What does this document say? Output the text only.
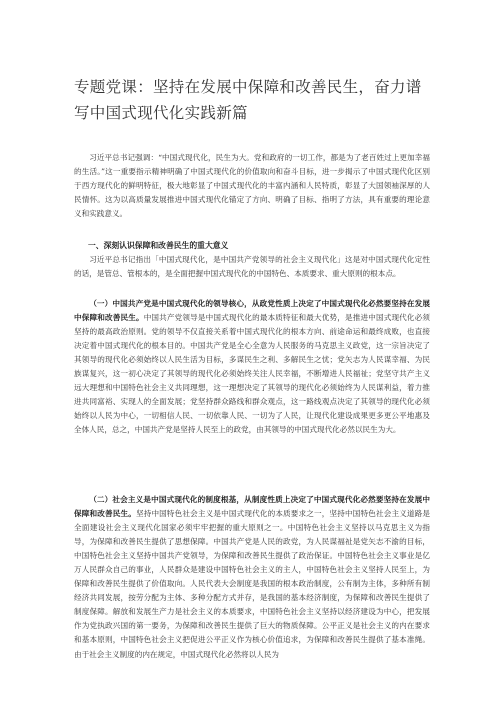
专题党课：坚持在发展中保障和改善民生，奋力谱写中国式现代化实践新篇

习近平总书记强调：“中国式现代化，民生为大。党和政府的一切工作，都是为了老百姓过上更加幸福的生活。”这一重要指示精神明确了中国式现代化的价值取向和奋斗目标，进一步揭示了中国式现代化区别于西方现代化的鲜明特征，极大地彰显了中国式现代化的丰富内涵和人民特质，彰显了大国领袖深厚的人民情怀。这为以高质量发展推进中国式现代化锚定了方向、明确了目标、指明了方法，具有重要的理论意义和实践意义。

一、深刻认识保障和改善民生的重大意义

习近平总书记指出「中国式现代化，是中国共产党领导的社会主义现代化」这是对中国式现代化定性的话，是管总、管根本的，是全面把握中国式现代化的中国特色、本质要求、重大原则的根本点。

（一）中国共产党是中国式现代化的领导核心，从政党性质上决定了中国式现代化必然要坚持在发展中保障和改善民生。中国共产党领导是中国式现代化的最本质特征和最大优势，是推进中国式现代化必须坚持的最高政治原则。党的领导不仅直接关系着中国式现代化的根本方向、前途命运和最终成败，也直接决定着中国式现代化的根本目的。中国共产党是全心全意为人民服务的马克思主义政党，这一宗旨决定了其领导的现代化必须始终以人民生活为目标，多谋民生之利、多解民生之忧；党矢志为人民谋幸福、为民族谋复兴，这一初心决定了其领导的现代化必须始终关注人民幸福，不断增进人民福祉；党坚守共产主义远大理想和中国特色社会主义共同理想，这一理想决定了其领导的现代化必须始终为人民谋利益，着力推进共同富裕、实现人的全面发展；党坚持群众路线和群众观点，这一路线观点决定了其领导的现代化必须始终以人民为中心，一切相信人民、一切依靠人民、一切为了人民，让现代化建设成果更多更公平地惠及全体人民，总之，中国共产党是坚持人民至上的政党，由其领导的中国式现代化必然以民生为大。

（二）社会主义是中国式现代化的制度根基，从制度性质上决定了中国式现代化必然要坚持在发展中保障和改善民生。坚持中国特色社会主义是中国式现代化的本质要求之一，坚持中国特色社会主义道路是全面建设社会主义现代化国家必须牢牢把握的重大原则之一。中国特色社会主义坚持以马克思主义为指导，为保障和改善民生提供了思想保障。中国共产党是人民的政党，为人民谋福祉是党矢志不渝的目标，中国特色社会主义坚持中国共产党领导，为保障和改善民生提供了政治保证。中国特色社会主义事业是亿万人民群众自己的事业，人民群众是建设中国特色社会主义的主人，中国特色社会主义坚持人民至上，为保障和改善民生提供了价值取向。人民代表大会制度是我国的根本政治制度，公有制为主体，多种所有制经济共同发展，按劳分配为主体、多种分配方式并存，是我国的基本经济制度，为保障和改善民生提供了制度保障。解放和发展生产力是社会主义的本质要求，中国特色社会主义坚持以经济建设为中心，把发展作为党执政兴国的第一要务，为保障和改善民生提供了巨大的物质保障。公平正义是社会主义的内在要求和基本原则，中国特色社会主义把促进公平正义作为核心价值追求，为保障和改善民生提供了基本准绳。由于社会主义制度的内在规定，中国式现代化必然将以人民为
